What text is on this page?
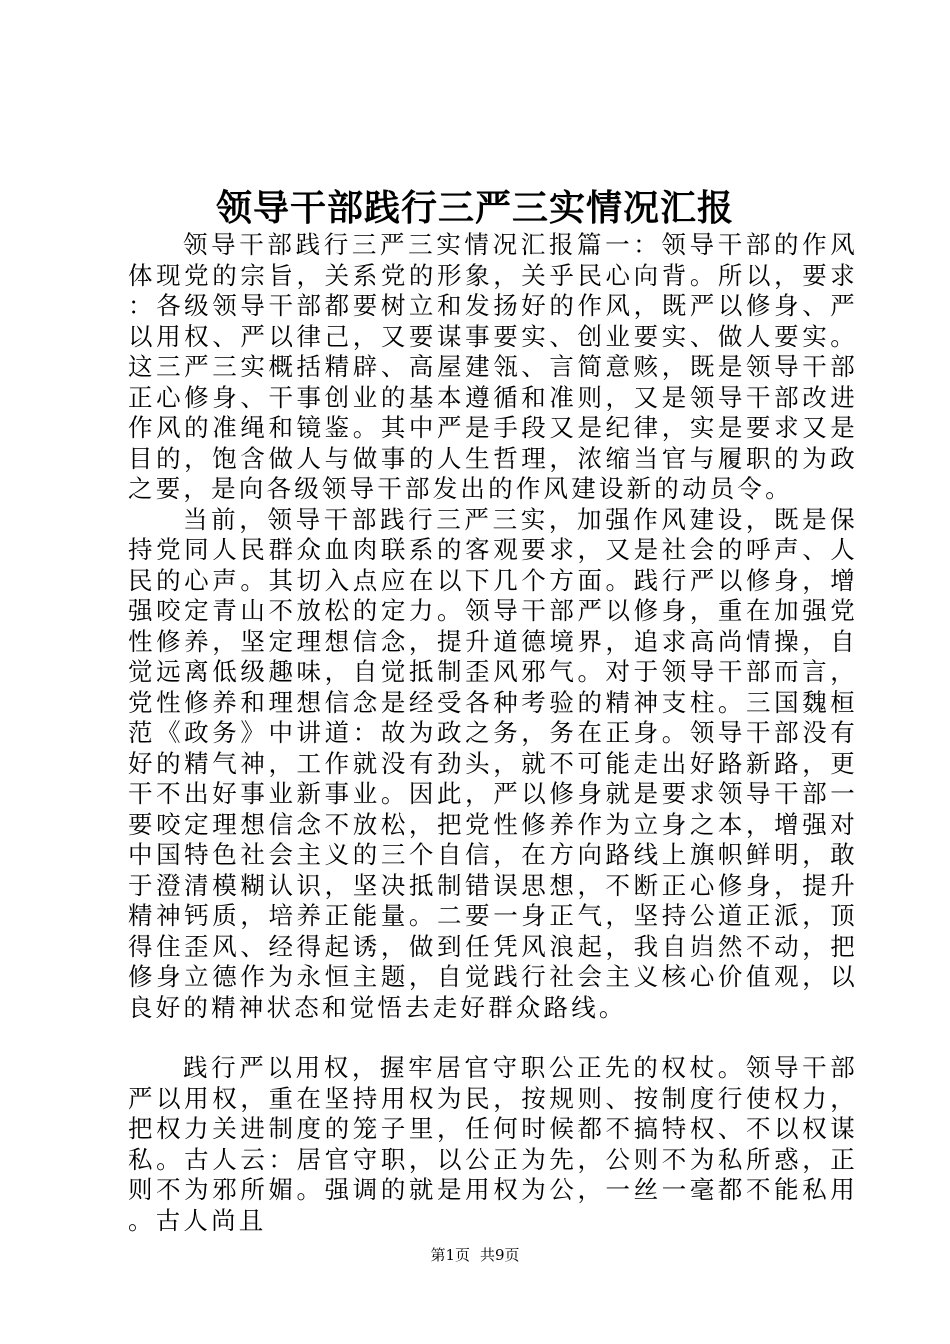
领导干部践行三严三实情况汇报

领导干部践行三严三实情况汇报篇一：领导干部的作风体现党的宗旨，关系党的形象，关乎民心向背。所以，要求：各级领导干部都要树立和发扬好的作风，既严以修身、严以用权、严以律己，又要谋事要实、创业要实、做人要实。这三严三实概括精辟、高屋建瓴、言简意赅，既是领导干部正心修身、干事创业的基本遵循和准则，又是领导干部改进作风的准绳和镜鉴。其中严是手段又是纪律，实是要求又是目的，饱含做人与做事的人生哲理，浓缩当官与履职的为政之要，是向各级领导干部发出的作风建设新的动员令。

当前，领导干部践行三严三实，加强作风建设，既是保持党同人民群众血肉联系的客观要求，又是社会的呼声、人民的心声。其切入点应在以下几个方面。践行严以修身，增强咬定青山不放松的定力。领导干部严以修身，重在加强党性修养，坚定理想信念，提升道德境界，追求高尚情操，自觉远离低级趣味，自觉抵制歪风邪气。对于领导干部而言，党性修养和理想信念是经受各种考验的精神支柱。三国魏桓范《政务》中讲道：故为政之务，务在正身。领导干部没有好的精气神，工作就没有劲头，就不可能走出好路新路，更干不出好事业新事业。因此，严以修身就是要求领导干部一要咬定理想信念不放松，把党性修养作为立身之本，增强对中国特色社会主义的三个自信，在方向路线上旗帜鲜明，敢于澄清模糊认识，坚决抵制错误思想，不断正心修身，提升精神钙质，培养正能量。二要一身正气，坚持公道正派，顶得住歪风、经得起诱，做到任凭风浪起，我自岿然不动，把修身立德作为永恒主题，自觉践行社会主义核心价值观，以良好的精神状态和觉悟去走好群众路线。

践行严以用权，握牢居官守职公正先的权杖。领导干部严以用权，重在坚持用权为民，按规则、按制度行使权力，把权力关进制度的笼子里，任何时候都不搞特权、不以权谋私。古人云：居官守职，以公正为先，公则不为私所惑，正则不为邪所媚。强调的就是用权为公，一丝一毫都不能私用。古人尚且

第1页 共9页
